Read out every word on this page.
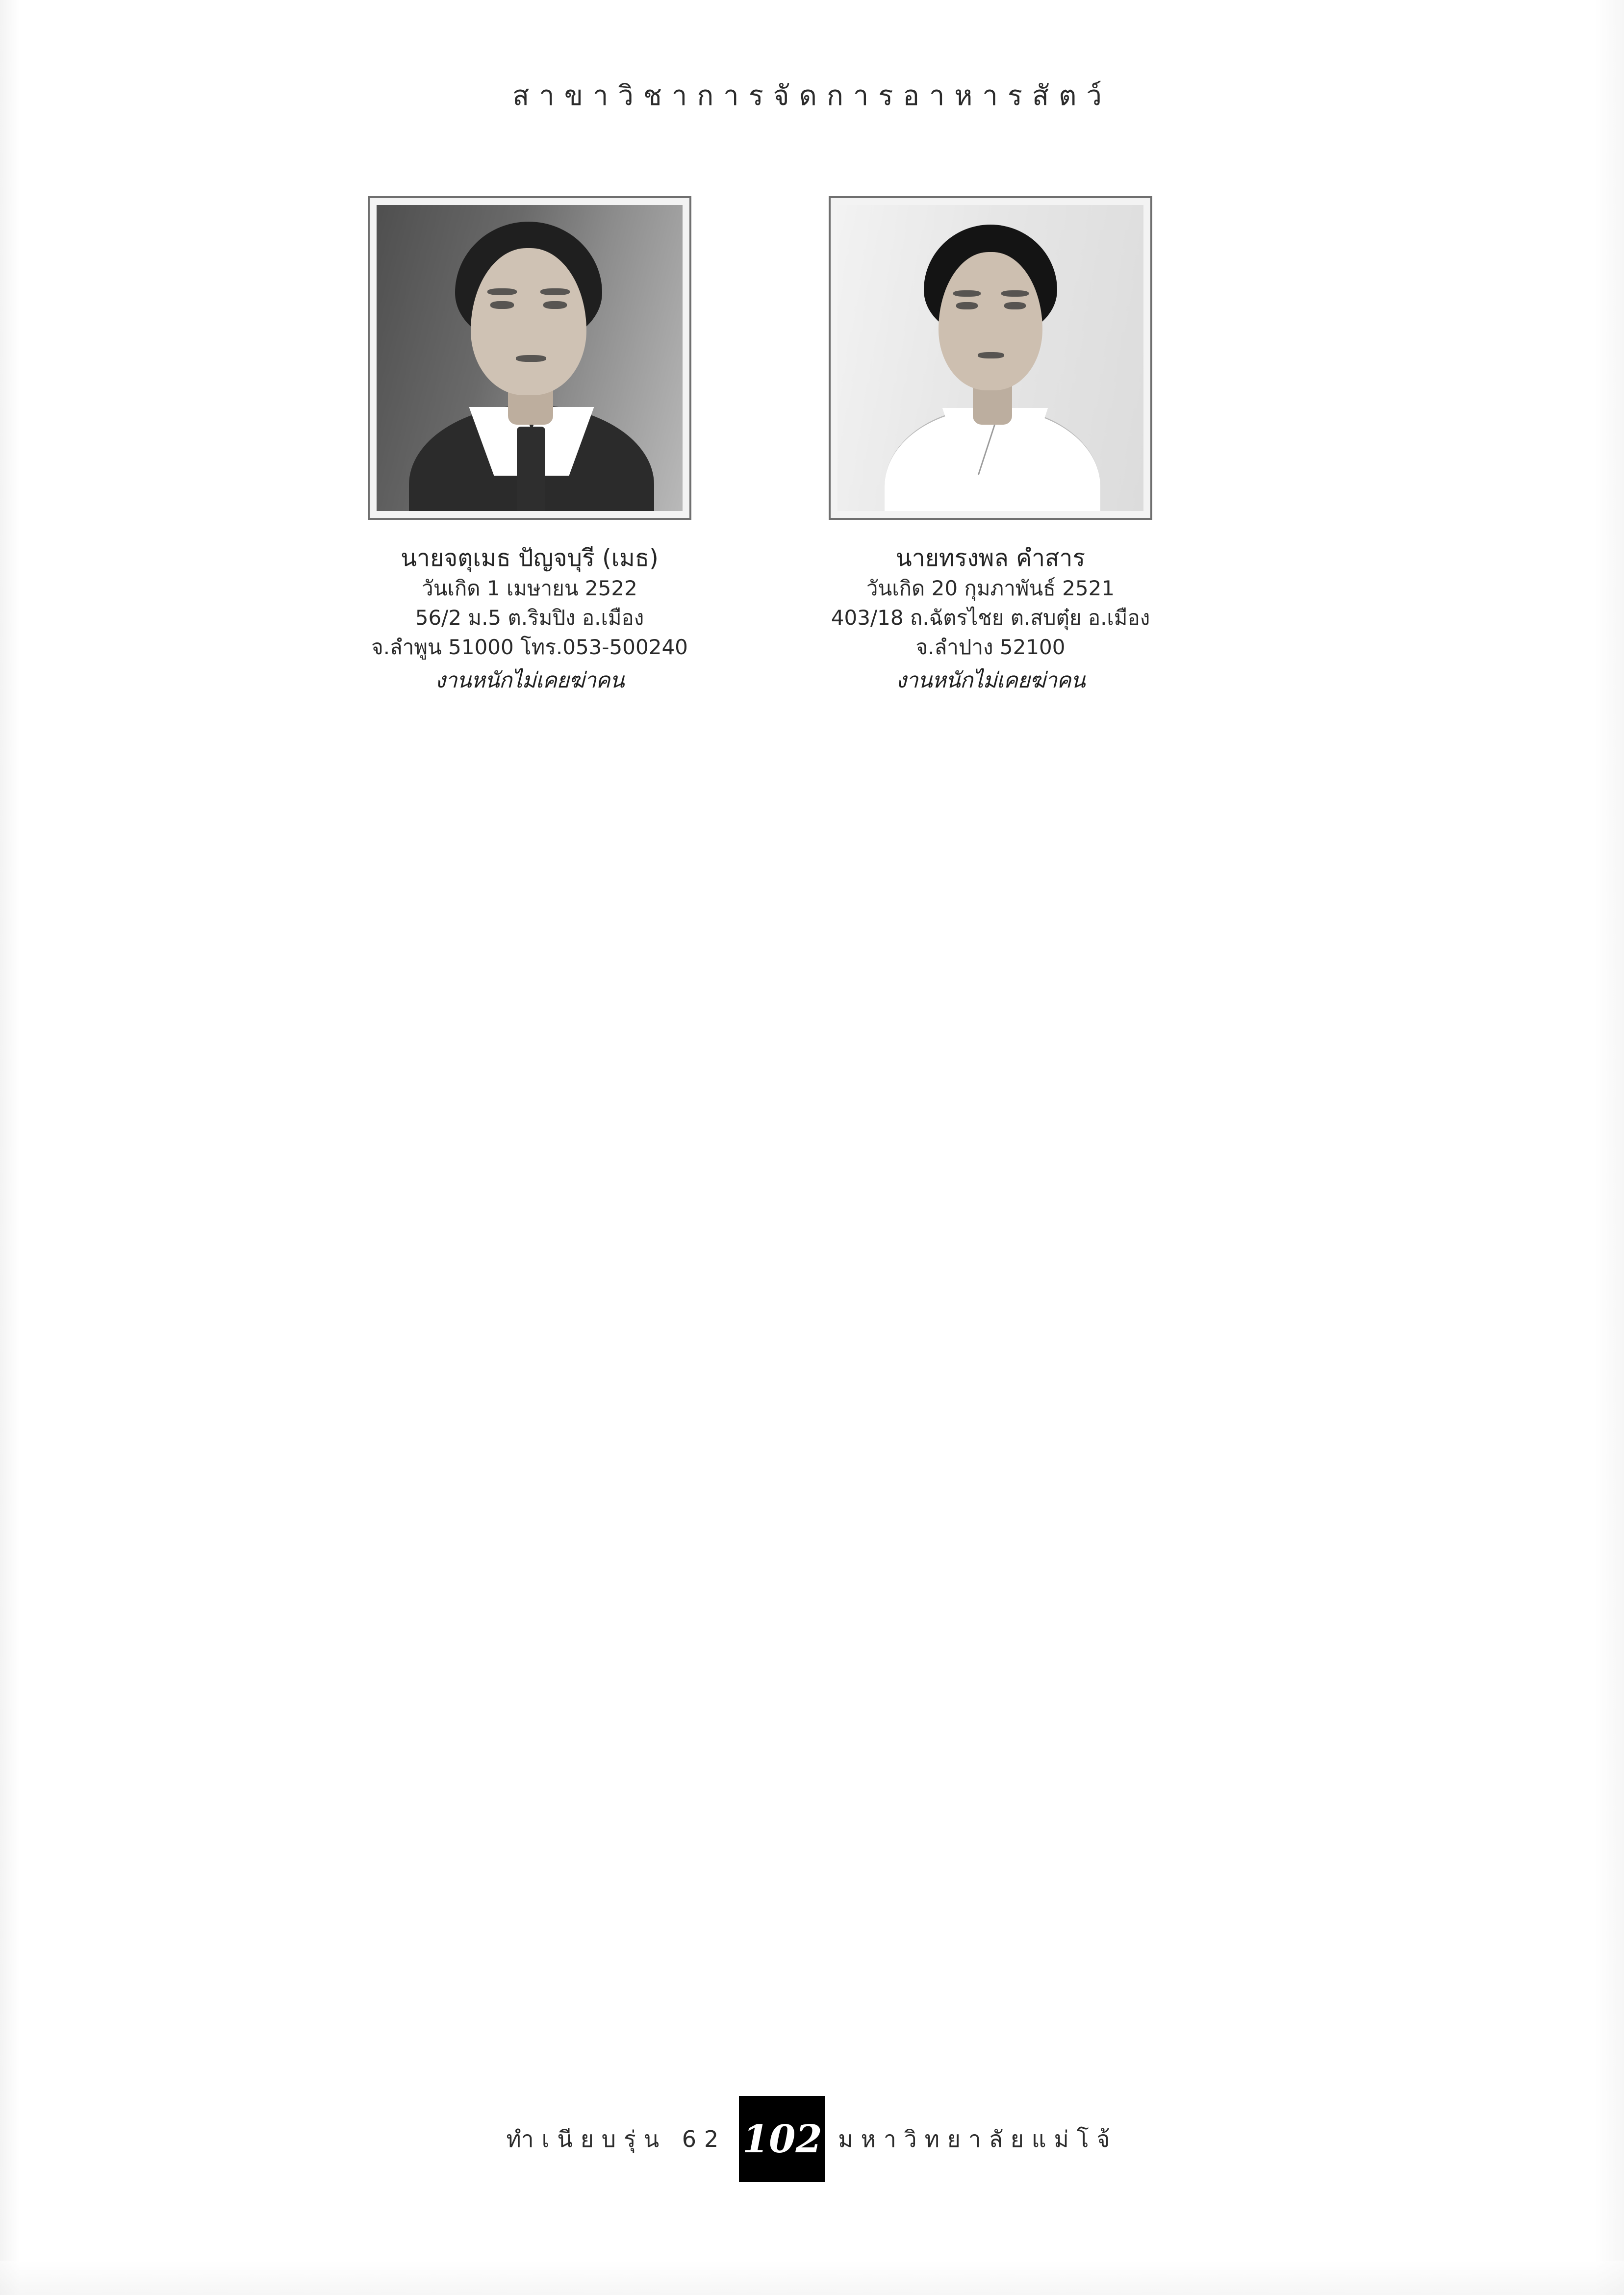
สาขาวิชาการจัดการอาหารสัตว์
นายจตุเมธ ปัญจบุรี (เมธ)
วันเกิด 1 เมษายน 2522
56/2 ม.5 ต.ริมปิง อ.เมือง
จ.ลำพูน 51000 โทร.053-500240
งานหนักไม่เคยฆ่าคน
นายทรงพล คำสาร
วันเกิด 20 กุมภาพันธ์ 2521
403/18 ถ.ฉัตรไชย ต.สบตุ๋ย อ.เมือง
จ.ลำปาง 52100
งานหนักไม่เคยฆ่าคน
ทำเนียบรุ่น 62 102 มหาวิทยาลัยแม่โจ้
